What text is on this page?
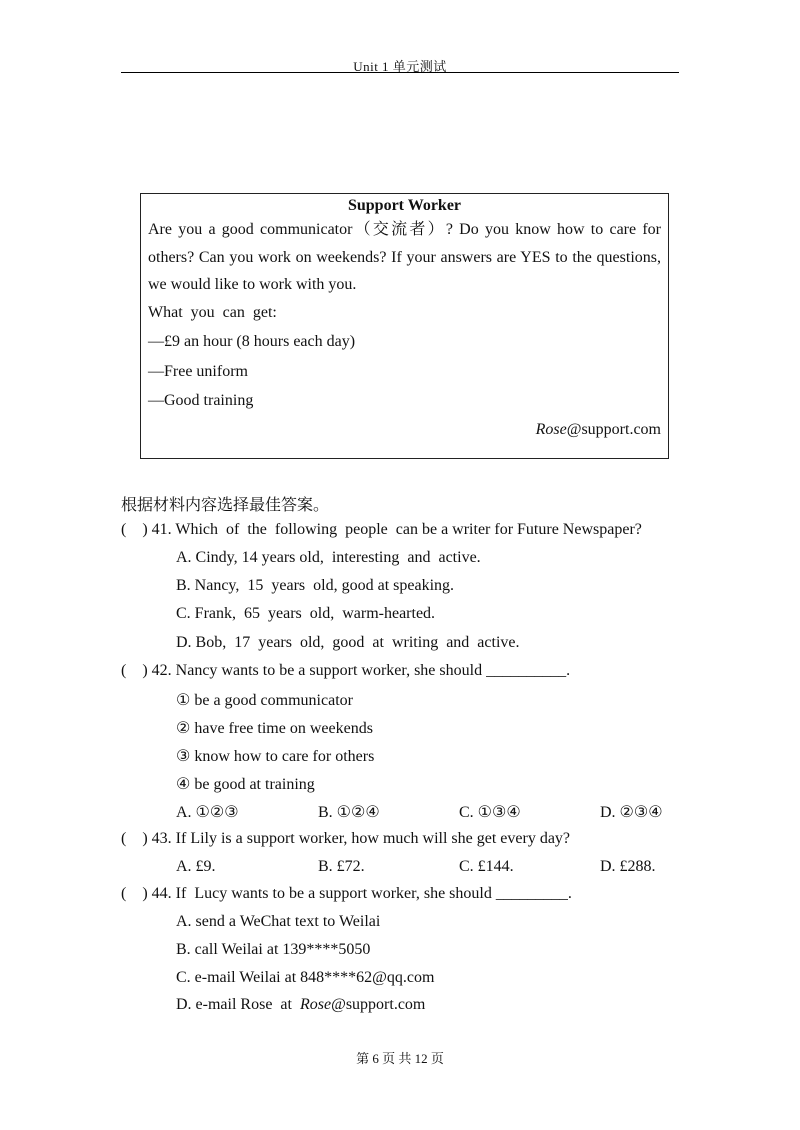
Unit 1 单元测试
Support Worker
Are you a good communicator（交流者）? Do you know how to care for
others? Can you work on weekends? If your answers are YES to the questions,
we would like to work with you.
What  you  can  get:
—£9 an hour (8 hours each day)
—Free uniform
—Good training
Rose@support.com
根据材料内容选择最佳答案。
(    ) 41. Which  of  the  following  people  can be a writer for Future Newspaper?
A. Cindy, 14 years old,  interesting  and  active.
B. Nancy,  15  years  old, good at speaking.
C. Frank,  65  years  old,  warm-hearted.
D. Bob,  17  years  old,  good  at  writing  and  active.
(    ) 42. Nancy wants to be a support worker, she should __________.
① be a good communicator
② have free time on weekends
③ know how to care for others
④ be good at training
A. ①②③	B. ①②④	C. ①③④	D. ②③④
(    ) 43. If Lily is a support worker, how much will she get every day?
A. £9.	B. £72.	C. £144.	D. £288.
(    ) 44. If  Lucy wants to be a support worker, she should _________.
A. send a WeChat text to Weilai
B. call Weilai at 139****5050
C. e-mail Weilai at 848****62@qq.com
D. e-mail Rose  at  Rose@support.com
第 6 页 共 12 页
